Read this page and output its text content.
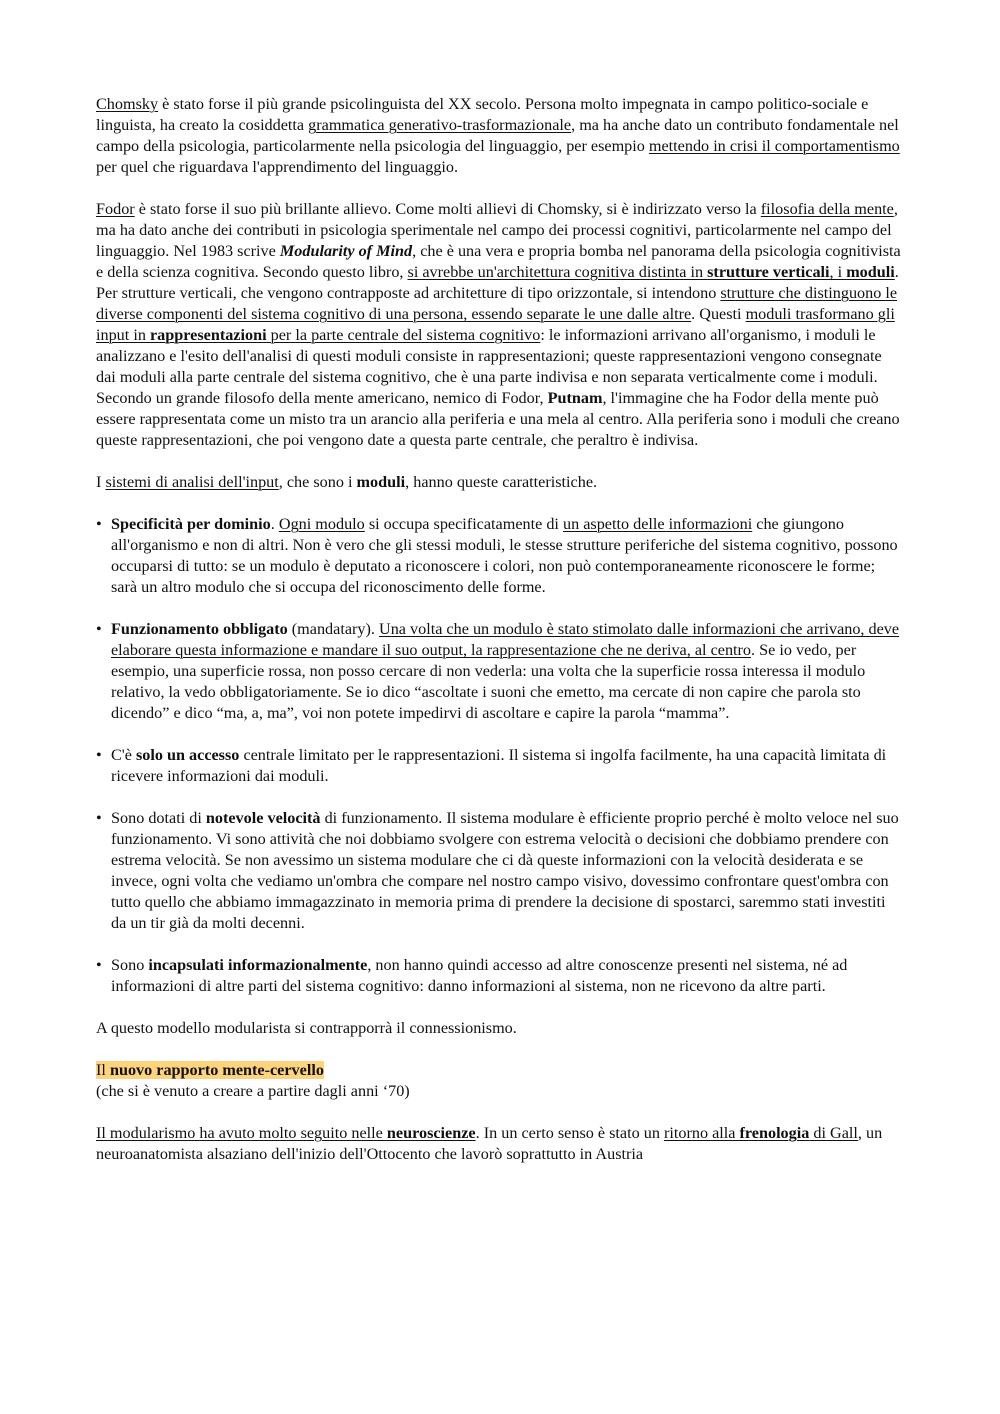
Chomsky è stato forse il più grande psicolinguista del XX secolo. Persona molto impegnata in campo politico-sociale e linguista, ha creato la cosiddetta grammatica generativo-trasformazionale, ma ha anche dato un contributo fondamentale nel campo della psicologia, particolarmente nella psicologia del linguaggio, per esempio mettendo in crisi il comportamentismo per quel che riguardava l'apprendimento del linguaggio.

Fodor è stato forse il suo più brillante allievo. Come molti allievi di Chomsky, si è indirizzato verso la filosofia della mente, ma ha dato anche dei contributi in psicologia sperimentale nel campo dei processi cognitivi, particolarmente nel campo del linguaggio. Nel 1983 scrive Modularity of Mind, che è una vera e propria bomba nel panorama della psicologia cognitivista e della scienza cognitiva. Secondo questo libro, si avrebbe un'architettura cognitiva distinta in strutture verticali, i moduli. Per strutture verticali, che vengono contrapposte ad architetture di tipo orizzontale, si intendono strutture che distinguono le diverse componenti del sistema cognitivo di una persona, essendo separate le une dalle altre. Questi moduli trasformano gli input in rappresentazioni per la parte centrale del sistema cognitivo: le informazioni arrivano all'organismo, i moduli le analizzano e l'esito dell'analisi di questi moduli consiste in rappresentazioni; queste rappresentazioni vengono consegnate dai moduli alla parte centrale del sistema cognitivo, che è una parte indivisa e non separata verticalmente come i moduli. Secondo un grande filosofo della mente americano, nemico di Fodor, Putnam, l'immagine che ha Fodor della mente può essere rappresentata come un misto tra un arancio alla periferia e una mela al centro. Alla periferia sono i moduli che creano queste rappresentazioni, che poi vengono date a questa parte centrale, che peraltro è indivisa.

I sistemi di analisi dell'input, che sono i moduli, hanno queste caratteristiche.

• Specificità per dominio. Ogni modulo si occupa specificatamente di un aspetto delle informazioni che giungono all'organismo e non di altri. Non è vero che gli stessi moduli, le stesse strutture periferiche del sistema cognitivo, possono occuparsi di tutto: se un modulo è deputato a riconoscere i colori, non può contemporaneamente riconoscere le forme; sarà un altro modulo che si occupa del riconoscimento delle forme.
• Funzionamento obbligato (mandatary). Una volta che un modulo è stato stimolato dalle informazioni che arrivano, deve elaborare questa informazione e mandare il suo output, la rappresentazione che ne deriva, al centro. Se io vedo, per esempio, una superficie rossa, non posso cercare di non vederla: una volta che la superficie rossa interessa il modulo relativo, la vedo obbligatoriamente. Se io dico “ascoltate i suoni che emetto, ma cercate di non capire che parola sto dicendo” e dico “ma, a, ma”, voi non potete impedirvi di ascoltare e capire la parola “mamma”.
• C'è solo un accesso centrale limitato per le rappresentazioni. Il sistema si ingolfa facilmente, ha una capacità limitata di ricevere informazioni dai moduli.
• Sono dotati di notevole velocità di funzionamento. Il sistema modulare è efficiente proprio perché è molto veloce nel suo funzionamento. Vi sono attività che noi dobbiamo svolgere con estrema velocità o decisioni che dobbiamo prendere con estrema velocità. Se non avessimo un sistema modulare che ci dà queste informazioni con la velocità desiderata e se invece, ogni volta che vediamo un'ombra che compare nel nostro campo visivo, dovessimo confrontare quest'ombra con tutto quello che abbiamo immagazzinato in memoria prima di prendere la decisione di spostarci, saremmo stati investiti da un tir già da molti decenni.
• Sono incapsulati informazionalmente, non hanno quindi accesso ad altre conoscenze presenti nel sistema, né ad informazioni di altre parti del sistema cognitivo: danno informazioni al sistema, non ne ricevono da altre parti.

A questo modello modularista si contrapporrà il connessionismo.

Il nuovo rapporto mente-cervello

(che si è venuto a creare a partire dagli anni ‘70)

Il modularismo ha avuto molto seguito nelle neuroscienze. In un certo senso è stato un ritorno alla frenologia di Gall, un neuroanatomista alsaziano dell'inizio dell'Ottocento che lavorò soprattutto in Austria
